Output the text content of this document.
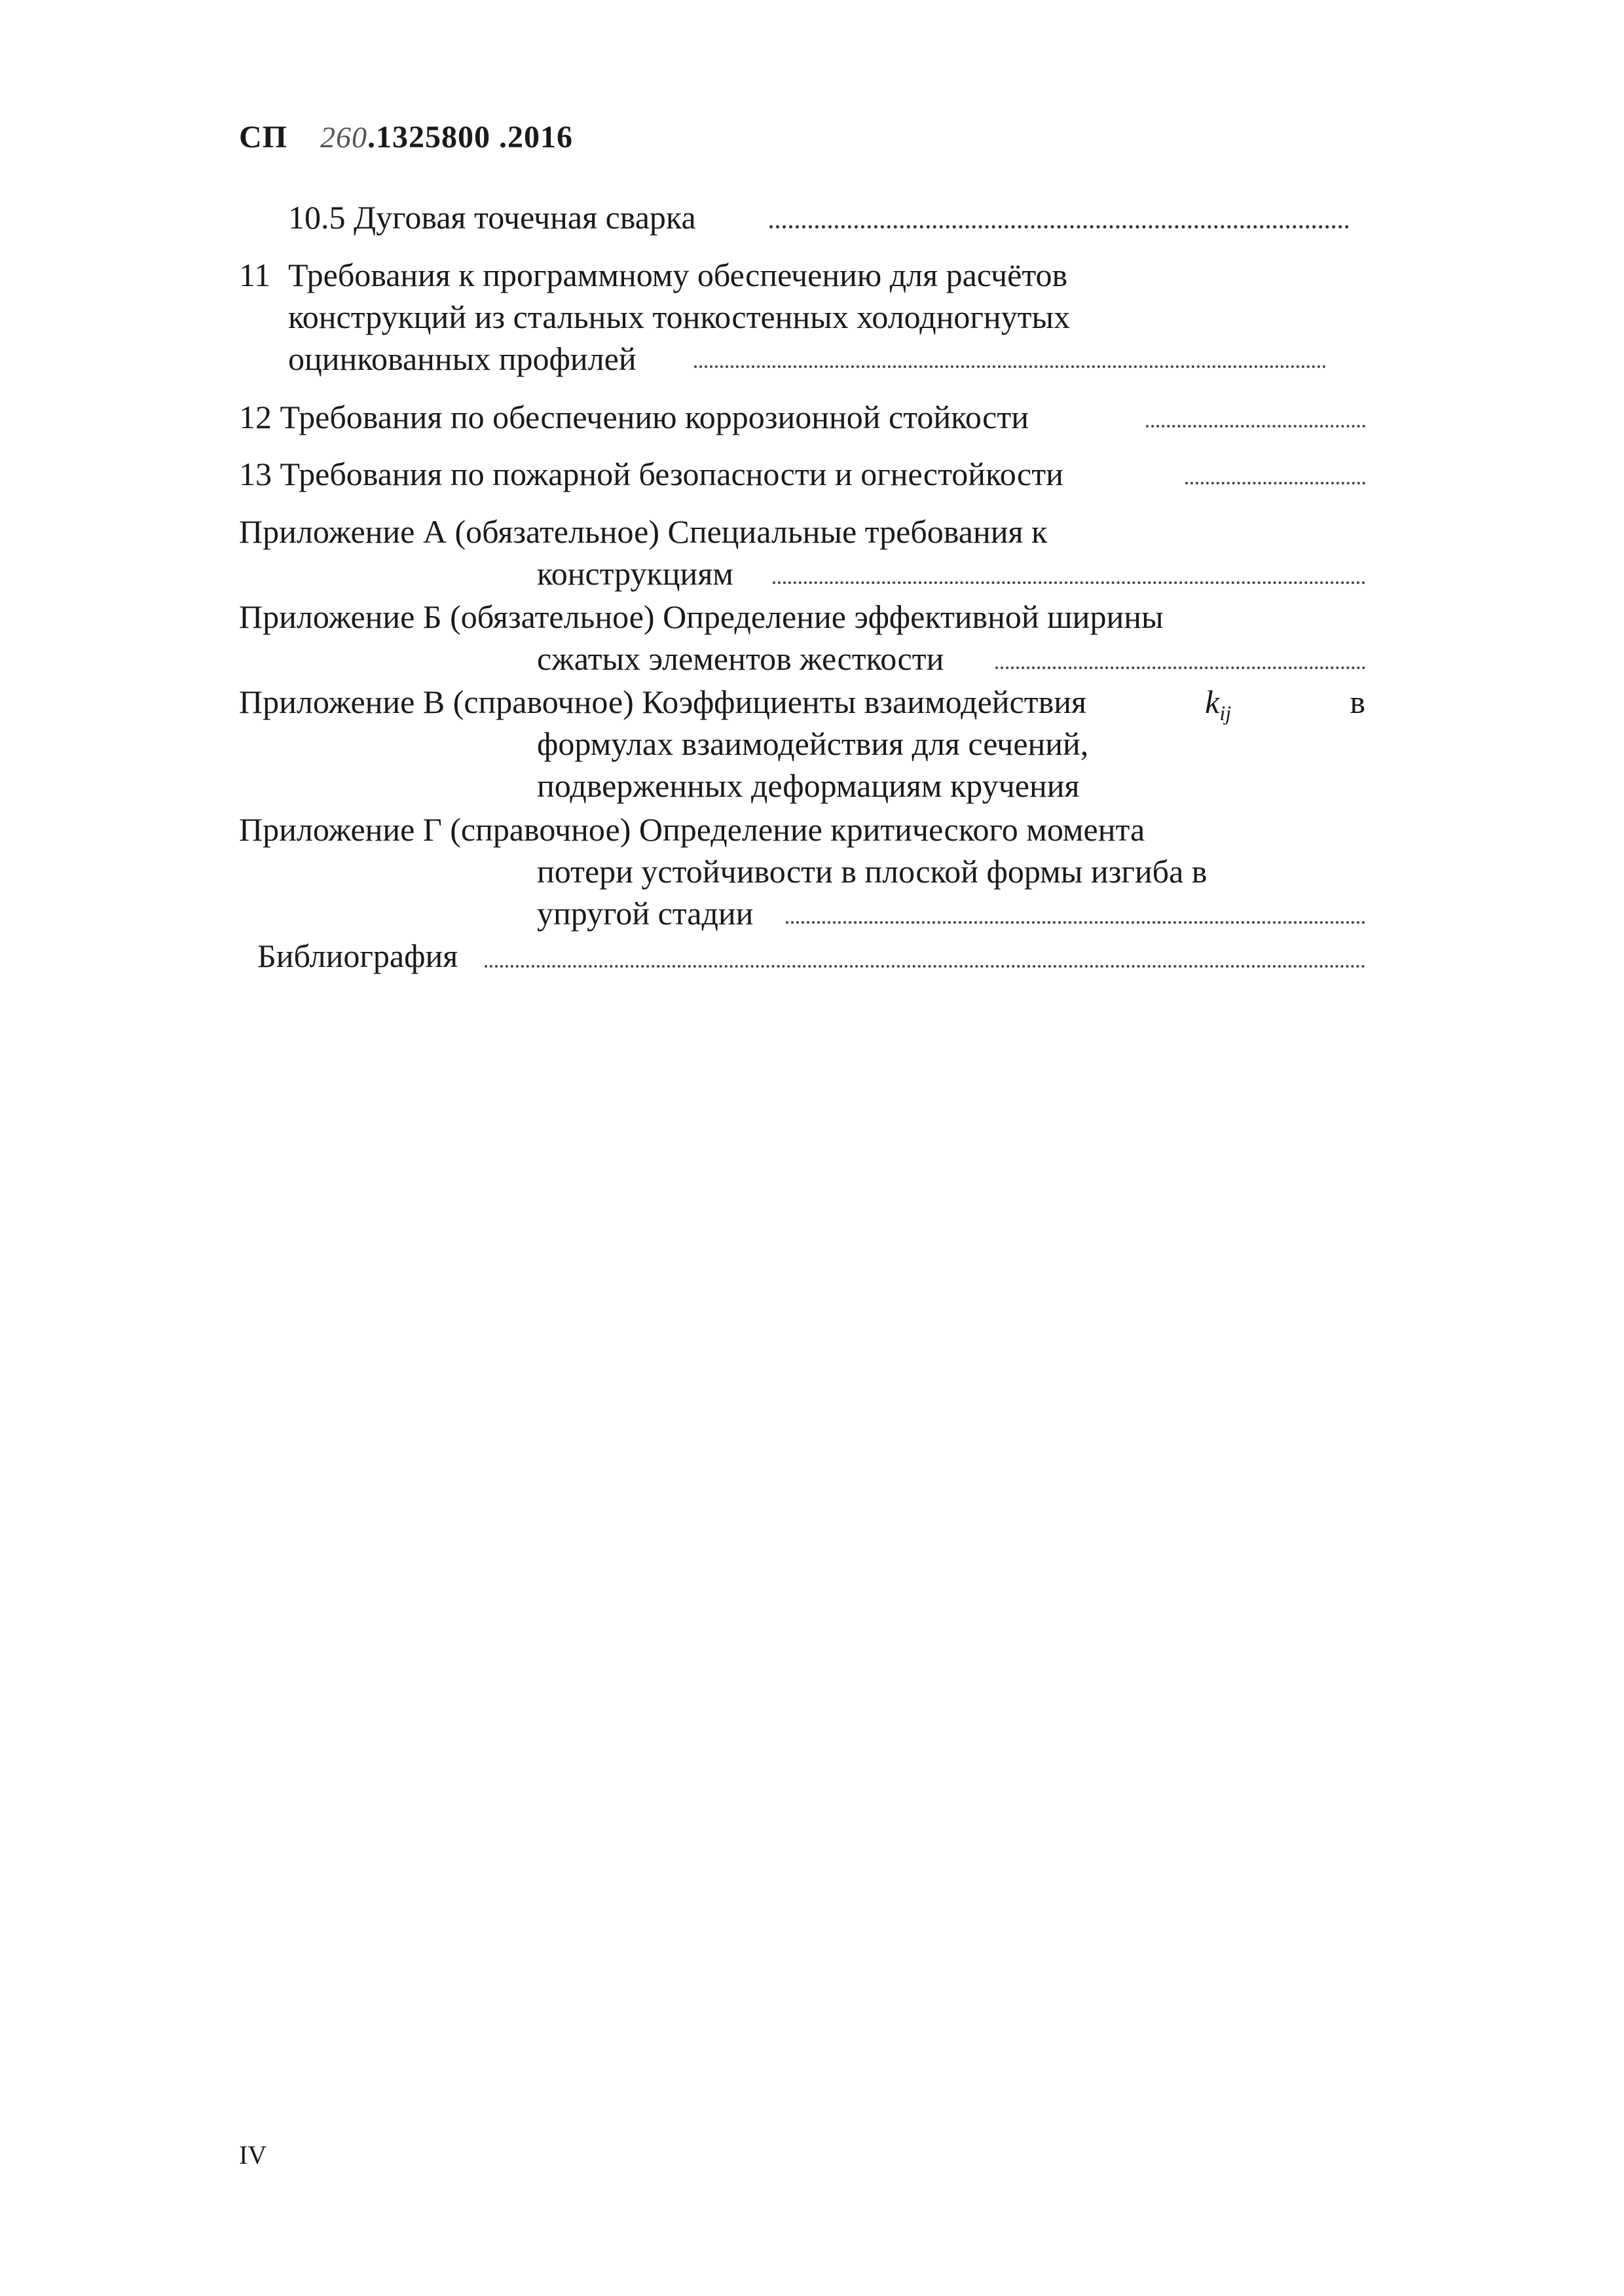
СП 260.1325800 .2016
10.5 Дуговая точечная сварка
11 Требования к программному обеспечению для расчётов
конструкций из стальных тонкостенных холодногнутых
оцинкованных профилей
12 Требования по обеспечению коррозионной стойкости
13 Требования по пожарной безопасности и огнестойкости
Приложение А (обязательное) Специальные требования к
конструкциям
Приложение Б (обязательное) Определение эффективной ширины
сжатых элементов жесткости
Приложение В (справочное) Коэффициенты взаимодействия	$k_{ij}$	в
формулах взаимодействия для сечений,
подверженных деформациям кручения
Приложение Г (справочное) Определение критического момента
потери устойчивости в плоской формы изгиба в
упругой стадии
Библиография
IV
